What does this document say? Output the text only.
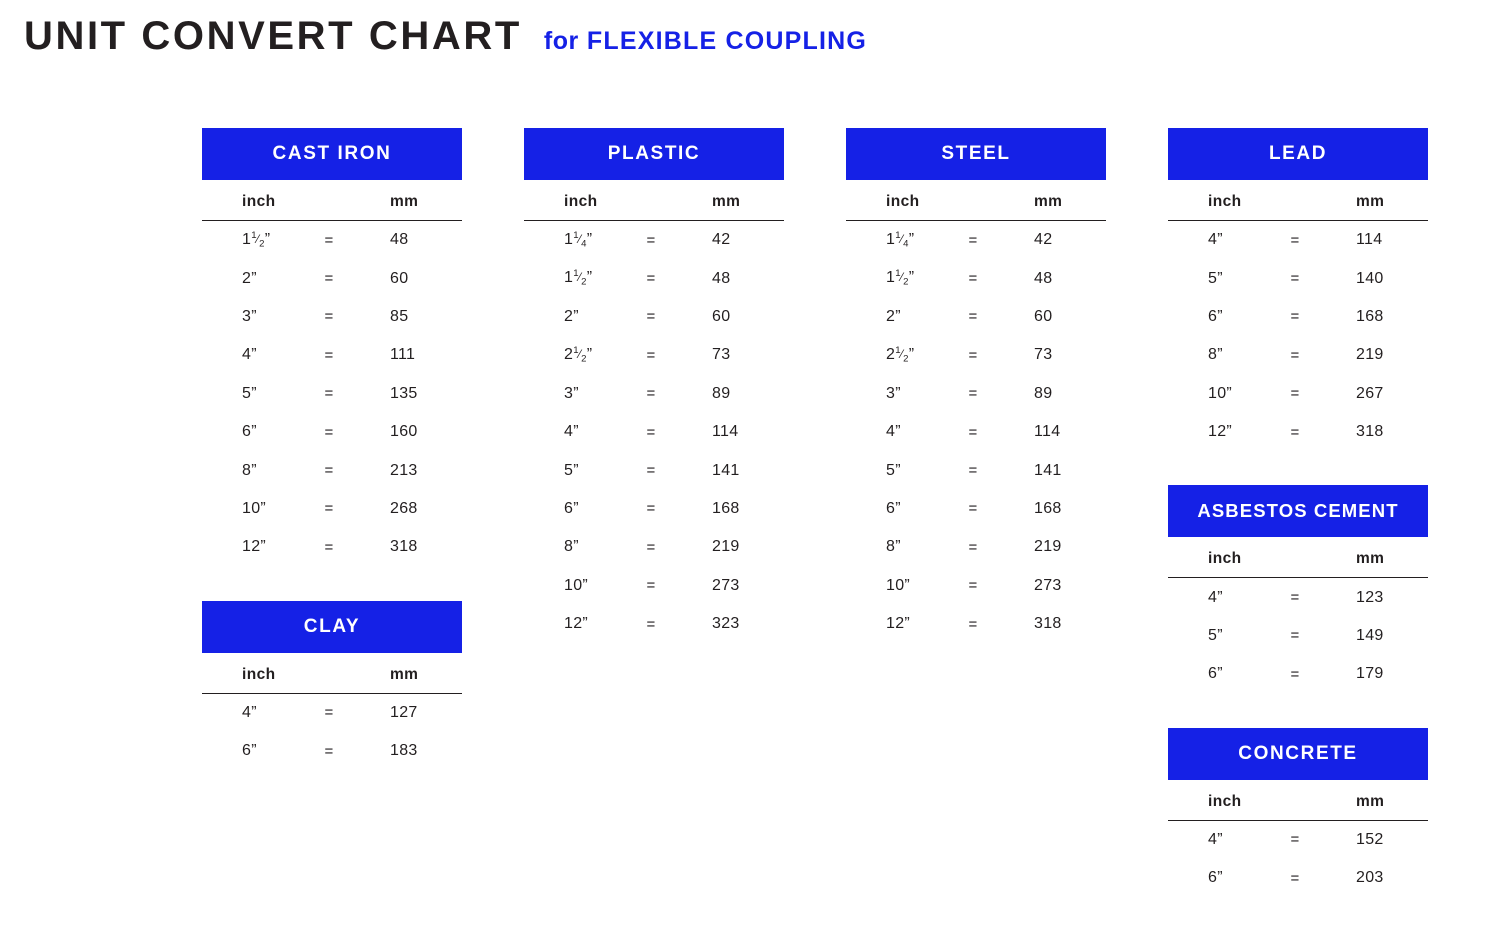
UNIT CONVERT CHART for FLEXIBLE COUPLING
CAST IRON
inch	mm
$1^1⁄_2$”	=	48
2”	=	60
3”	=	85
4”	=	111
5”	=	135
6”	=	160
8”	=	213
10”	=	268
12”	=	318
CLAY
inch	mm
4”	=	127
6”	=	183
PLASTIC
inch	mm
$1^1⁄_4$”	=	42
$1^1⁄_2$”	=	48
2”	=	60
$2^1⁄_2$”	=	73
3”	=	89
4”	=	114
5”	=	141
6”	=	168
8”	=	219
10”	=	273
12”	=	323
STEEL
inch	mm
$1^1⁄_4$”	=	42
$1^1⁄_2$”	=	48
2”	=	60
$2^1⁄_2$”	=	73
3”	=	89
4”	=	114
5”	=	141
6”	=	168
8”	=	219
10”	=	273
12”	=	318
LEAD
inch	mm
4”	=	114
5”	=	140
6”	=	168
8”	=	219
10”	=	267
12”	=	318
ASBESTOS CEMENT
inch	mm
4”	=	123
5”	=	149
6”	=	179
CONCRETE
inch	mm
4”	=	152
6”	=	203
